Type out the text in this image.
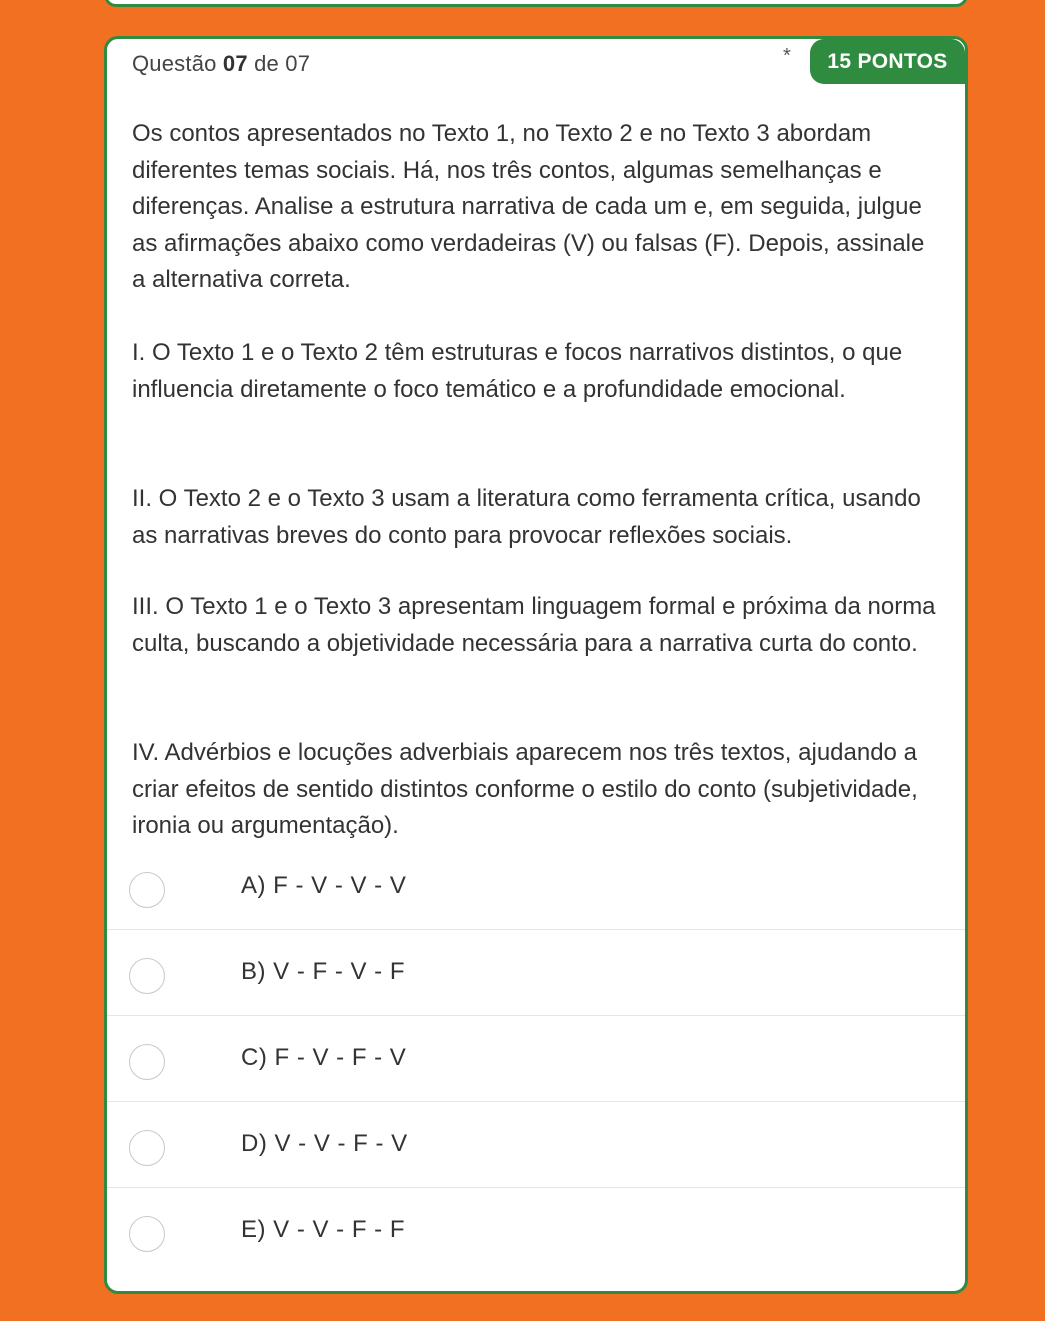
Questão 07 de 07	*	15 PONTOS

Os contos apresentados no Texto 1, no Texto 2 e no Texto 3 abordam diferentes temas sociais. Há, nos três contos, algumas semelhanças e diferenças. Analise a estrutura narrativa de cada um e, em seguida, julgue as afirmações abaixo como verdadeiras (V) ou falsas (F). Depois, assinale a alternativa correta.

I. O Texto 1 e o Texto 2 têm estruturas e focos narrativos distintos, o que influencia diretamente o foco temático e a profundidade emocional.

II. O Texto 2 e o Texto 3 usam a literatura como ferramenta crítica, usando as narrativas breves do conto para provocar reflexões sociais.

III. O Texto 1 e o Texto 3 apresentam linguagem formal e próxima da norma culta, buscando a objetividade necessária para a narrativa curta do conto.

IV. Advérbios e locuções adverbiais aparecem nos três textos, ajudando a criar efeitos de sentido distintos conforme o estilo do conto (subjetividade, ironia ou argumentação).

A) F - V - V - V
B) V - F - V - F
C) F - V - F - V
D) V - V - F - V
E) V - V - F - F
